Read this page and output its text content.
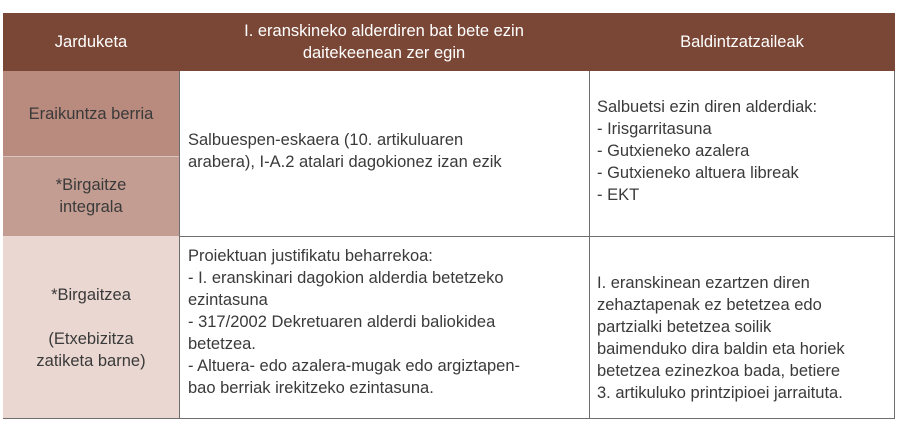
Jarduketa
I. eranskineko alderdiren bat bete ezin
daitekeenean zer egin
Baldintzatzaileak
Eraikuntza berria
*Birgaitze
integrala
Salbuespen-eskaera (10. artikuluaren
arabera), I-A.2 atalari dagokionez izan ezik
Salbuetsi ezin diren alderdiak:
- Irisgarritasuna
- Gutxieneko azalera
- Gutxieneko altuera libreak
- EKT
*Birgaitzea
(Etxebizitza
zatiketa barne)
Proiektuan justifikatu beharrekoa:
- I. eranskinari dagokion alderdia betetzeko
ezintasuna
- 317/2002 Dekretuaren alderdi baliokidea
betetzea.
- Altuera- edo azalera-mugak edo argiztapen-
bao berriak irekitzeko ezintasuna.
I. eranskinean ezartzen diren
zehaztapenak ez betetzea edo
partzialki betetzea soilik
baimenduko dira baldin eta horiek
betetzea ezinezkoa bada, betiere
3. artikuluko printzipioei jarraituta.
